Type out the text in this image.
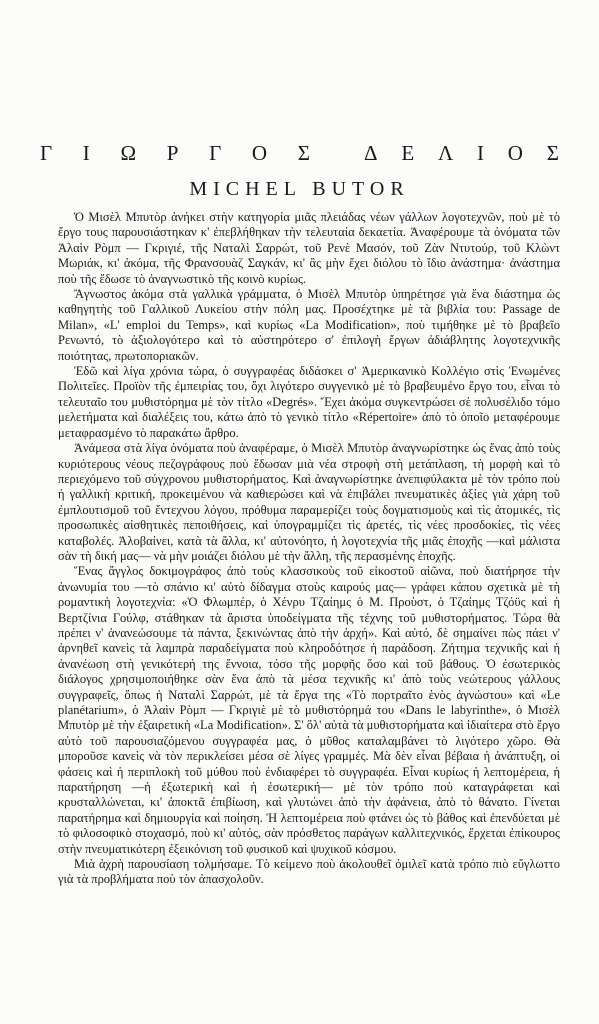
Γ Ι Ω Ρ Γ Ο Σ	Δ Ε Λ Ι Ο Σ
MICHEL BUTOR

Ὁ Μισὲλ Μπυτὸρ ἀνήκει στὴν κατηγορία μιᾶς πλειάδας νέων γάλλων λογοτεχνῶν, ποὺ μὲ τὸ ἔργο τους παρουσιάστηκαν κ' ἐπεβλήθηκαν τὴν τελευταία δεκαετία. Ἀναφέρουμε τὰ ὀνόματα τῶν Ἀλαὶν Ρὸμπ — Γκριγιέ, τῆς Ναταλὶ Σαρρώτ, τοῦ Ρενὲ Μασόν, τοῦ Ζὰν Ντυτούρ, τοῦ Κλὼντ Μωριάκ, κι' ἀκόμα, τῆς Φρανσουὰζ Σαγκάν, κι' ἂς μὴν ἔχει διόλου τὸ ἴδιο ἀνάστημα· ἀνάστημα ποὺ τῆς ἔδωσε τὸ ἀναγνωστικὸ τῆς κοινὸ κυρίως.

Ἄγνωστος ἀκόμα στὰ γαλλικὰ γράμματα, ὁ Μισὲλ Μπυτὸρ ὑπηρέτησε γιὰ ἕνα διάστημα ὡς καθηγητὴς τοῦ Γαλλικοῦ Λυκείου στὴν πόλη μας. Προσέχτηκε μὲ τὰ βιβλία του: Passage de Milan», «L' emploi du Temps», καὶ κυρίως «La Modification», ποὺ τιμήθηκε μὲ τὸ βραβεῖο Ρενωντό, τὸ ἀξιολογότερο καὶ τὸ αὐστηρότερο σ' ἐπιλογὴ ἔργων ἀδιάβλητης λογοτεχνικῆς ποιότητας, πρωτοποριακῶν.

Ἐδῶ καὶ λίγα χρόνια τώρα, ὁ συγγραφέας διδάσκει σ' Ἀμερικανικὸ Κολλέγιο στὶς Ἑνωμένες Πολιτεῖες. Προϊὸν τῆς ἐμπειρίας του, ὄχι λιγότερο συγγενικὸ μὲ τὸ βραβευμένο ἔργο του, εἶναι τὸ τελευταῖο του μυθιστόρημα μὲ τὸν τίτλο «Degrés». Ἔχει ἀκόμα συγκεντρώσει σὲ πολυσέλιδο τόμο μελετήματα καὶ διαλέξεις του, κάτω ἀπὸ τὸ γενικὸ τίτλο «Répertoire» ἀπὸ τὸ ὁποῖο μεταφέρουμε μεταφρασμένο τὸ παρακάτω ἄρθρο.

Ἀνάμεσα στὰ λίγα ὀνόματα ποὺ ἀναφέραμε, ὁ Μισὲλ Μπυτὸρ ἀναγνωρίστηκε ὡς ἕνας ἀπὸ τοὺς κυριότερους νέους πεζογράφους ποὺ ἔδωσαν μιὰ νέα στροφὴ στὴ μετάπλαση, τὴ μορφὴ καὶ τὸ περιεχόμενο τοῦ σύγχρονου μυθιστορήματος. Καὶ ἀναγνωρίστηκε ἀνεπιφύλακτα μὲ τὸν τρόπο ποὺ ἡ γαλλικὴ κριτική, προκειμένου νὰ καθιερώσει καὶ νὰ ἐπιβάλει πνευματικὲς ἀξίες γιὰ χάρη τοῦ ἐμπλουτισμοῦ τοῦ ἔντεχνου λόγου, πρόθυμα παραμερίζει τοὺς δογματισμοὺς καὶ τὶς ἀτομικές, τὶς προσωπικὲς αἰσθητικὲς πεποιθήσεις, καὶ ὑπογραμμίζει τὶς ἀρετές, τὶς νέες προσδοκίες, τὶς νέες καταβολές. Ἀλοβαίνει, κατὰ τὰ ἄλλα, κι' αὐτονόητο, ἡ λογοτεχνία τῆς μιᾶς ἐποχῆς —καὶ μάλιστα σὰν τὴ δική μας— νὰ μὴν μοιάζει διόλου μὲ τὴν ἄλλη, τῆς περασμένης ἐποχῆς.

Ἕνας ἄγγλος δοκιμογράφος ἀπὸ τοὺς κλασσικοὺς τοῦ εἰκοστοῦ αἰῶνα, ποὺ διατήρησε τὴν ἀνωνυμία του —τὸ σπάνιο κι' αὐτὸ δίδαγμα στοὺς καιρούς μας— γράφει κάπου σχετικὰ μὲ τὴ ρομαντικὴ λογοτεχνία: «Ὁ Φλωμπέρ, ὁ Χένρυ Τζαίημς ὁ Μ. Προὺστ, ὁ Τζαίημς Τζόϋς καὶ ἡ Βερτζίνια Γούλφ, στάθηκαν τὰ ἄριστα ὑποδείγματα τῆς τέχνης τοῦ μυθιστορήματος. Τώρα θὰ πρέπει ν' ἀνανεώσουμε τὰ πάντα, ξεκινώντας ἀπὸ τὴν ἀρχή». Καὶ αὐτό, δὲ σημαίνει πὼς πάει ν' ἀρνηθεῖ κανεὶς τὰ λαμπρὰ παραδείγματα ποὺ κληροδότησε ἡ παράδοση. Ζήτημα τεχνικῆς καὶ ἡ ἀνανέωση στὴ γενικότερή της ἔννοια, τόσο τῆς μορφῆς ὅσο καὶ τοῦ βάθους. Ὁ ἐσωτερικὸς διάλογος χρησιμοποιήθηκε σὰν ἕνα ἀπὸ τὰ μέσα τεχνικῆς κι' ἀπὸ τοὺς νεώτερους γάλλους συγγραφεῖς, ὅπως ἡ Ναταλὶ Σαρρώτ, μὲ τὰ ἔργα της «Τὸ πορτραῖτο ἑνὸς ἀγνώστου» καὶ «Le planétarium», ὁ Ἀλαὶν Ρὸμπ — Γκριγιὲ μὲ τὸ μυθιστόρημά του «Dans le labyrinthe», ὁ Μισὲλ Μπυτὸρ μὲ τὴν ἐξαιρετικὴ «La Modification». Σ' ὅλ' αὐτὰ τὰ μυθιστορήματα καὶ ἰδιαίτερα στὸ ἔργο αὐτὸ τοῦ παρουσιαζόμενου συγγραφέα μας, ὁ μῦθος καταλαμβάνει τὸ λιγότερο χῶρο. Θὰ μποροῦσε κανεὶς νὰ τὸν περικλείσει μέσα σὲ λίγες γραμμές. Μὰ δὲν εἶναι βέβαια ἡ ἀνάπτυξη, οἱ φάσεις καὶ ἡ περιπλοκὴ τοῦ μύθου ποὺ ἐνδιαφέρει τὸ συγγραφέα. Εἶναι κυρίως ἡ λεπτομέρεια, ἡ παρατήρηση —ἡ ἐξωτερικὴ καὶ ἡ ἐσωτερική— μὲ τὸν τρόπο ποὺ καταγράφεται καὶ κρυσταλλώνεται, κι' ἀποκτᾶ ἐπιβίωση, καὶ γλυτώνει ἀπὸ τὴν ἀφάνεια, ἀπὸ τὸ θάνατο. Γίνεται παρατήρημα καὶ δημιουργία καὶ ποίηση. Ἡ λεπτομέρεια ποὺ φτάνει ὡς τὸ βάθος καὶ ἐπενδύεται μὲ τὸ φιλοσοφικὸ στοχασμό, ποὺ κι' αὐτός, σὰν πρόσθετος παράγων καλλιτεχνικός, ἔρχεται ἐπίκουρος στὴν πνευματικότερη ἐξεικόνιση τοῦ φυσικοῦ καὶ ψυχικοῦ κόσμου.

Μιὰ ἀχρὴ παρουσίαση τολμήσαμε. Τὸ κείμενο ποὺ ἀκολουθεῖ ὁμιλεῖ κατὰ τρόπο πιὸ εὔγλωττο γιὰ τὰ προβλήματα ποὺ τὸν ἀπασχολοῦν.
